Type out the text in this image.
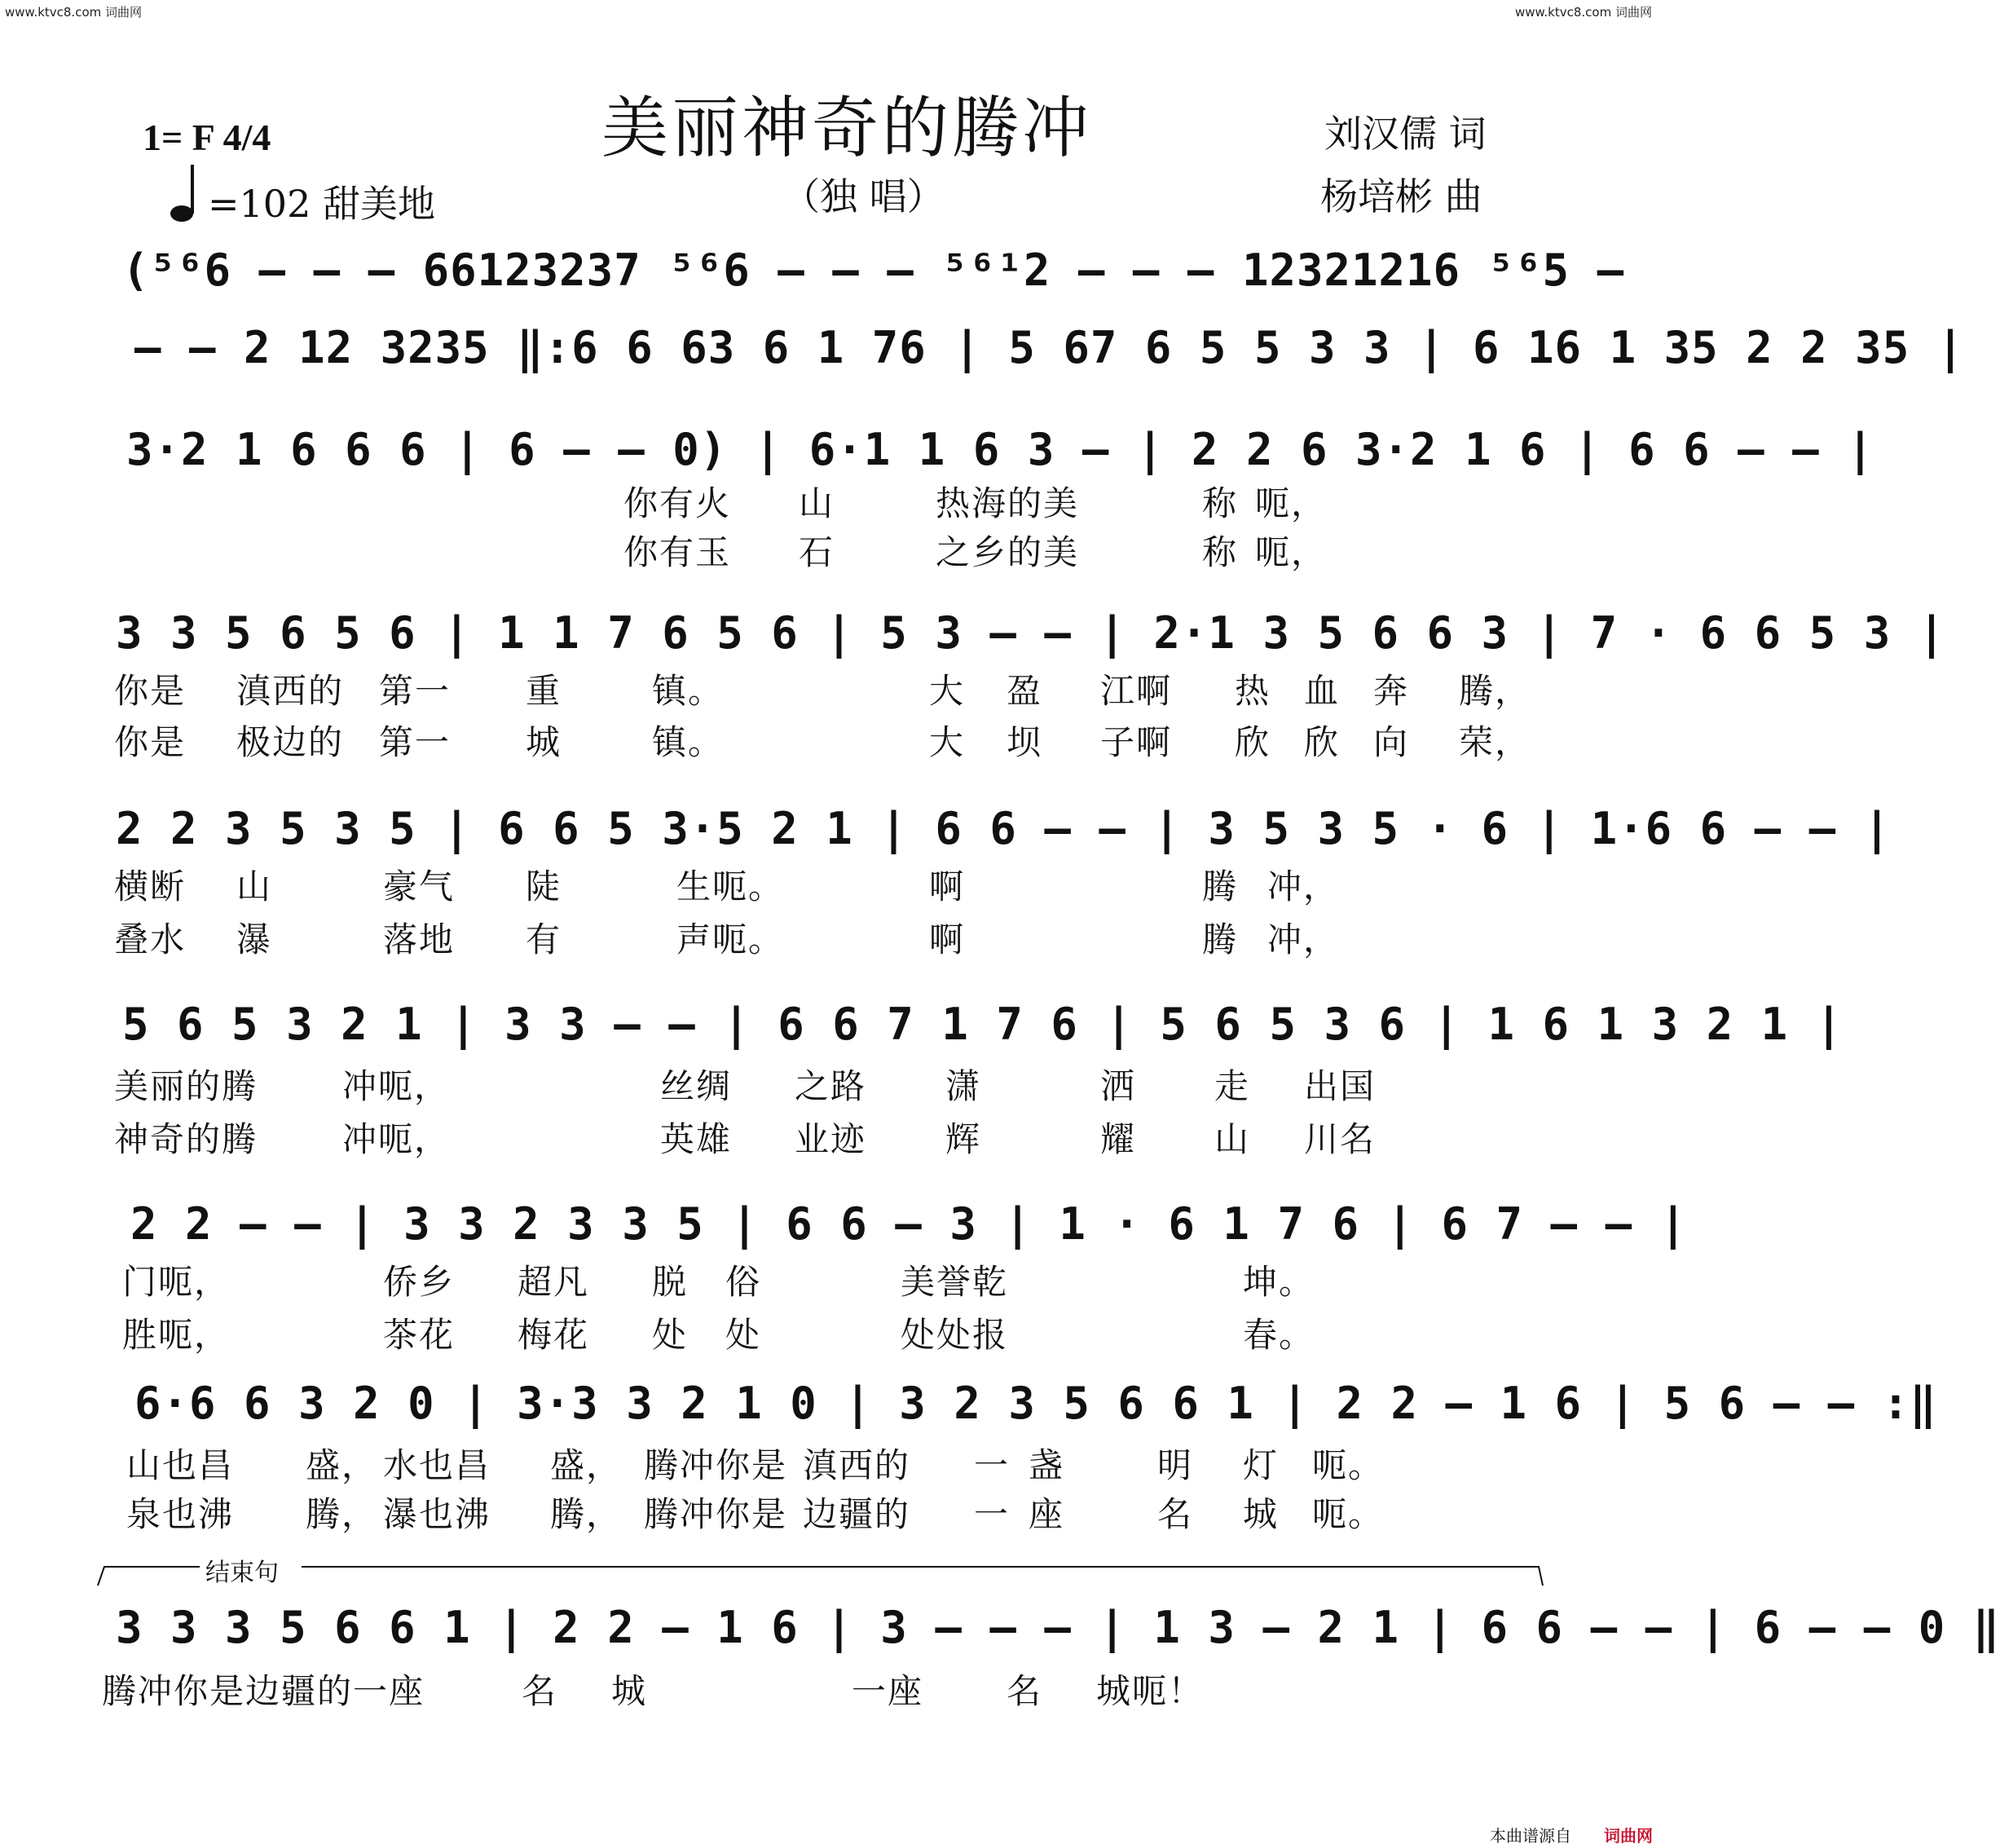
www.ktvc8.com 词曲网	www.ktvc8.com 词曲网
美丽神奇的腾冲
（独 唱）
1= F 4/4
=102 甜美地
刘汉儒 词
杨培彬 曲
(⁵⁶6 — — — 66123237 ⁵⁶6 — — — ⁵⁶¹2 — — — 12321216 ⁵⁶5 —
— — 2 12 3235 ‖:6 6 63 6 1 76 | 5 67 6 5 5 3 3 | 6 16 1 35 2 2 35 |
3·2 1 6 6 6 | 6 — — 0) | 6·1 1 6 3 — | 2 2 6 3·2 1 6 | 6 6 — — |
你有火 山	热海的美	称 呃，
你有玉 石	之乡的美	称 呃，
3 3 5 6 5 6 | 1 1 7 6 5 6 | 5 3 — — | 2·1 3 5 6 6 3 | 7 · 6 6 5 3 |
你是 滇西的 第一 重	镇。	大 盈 江啊 热 血 奔 腾，
你是 极边的 第一 城	镇。	大 坝 子啊 欣 欣 向 荣，
2 2 3 5 3 5 | 6 6 5 3·5 2 1 | 6 6 — — | 3 5 3 5 · 6 | 1·6 6 — — |
横断 山	豪气 陡	生呃。	啊	腾 冲，
叠水 瀑	落地 有	声呃。	啊	腾 冲，
5 6 5 3 2 1 | 3 3 — — | 6 6 7 1 7 6 | 5 6 5 3 6 | 1 6 1 3 2 1 |
美丽的腾 冲呃，	丝绸 之路 潇	洒 走 出国
神奇的腾 冲呃，	英雄 业迹 辉	耀 山 川名
2 2 — — | 3 3 2 3 3 5 | 6 6 — 3 | 1 · 6 1 7 6 | 6 7 — — |
门呃，	侨乡 超凡 脱 俗	美誉乾	坤。
胜呃，	茶花 梅花 处 处	处处报	春。
6·6 6 3 2 0 | 3·3 3 2 1 0 | 3 2 3 5 6 6 1 | 2 2 — 1 6 | 5 6 — — :‖
山也昌 盛， 水也昌 盛， 腾冲你是 滇西的 一 盏	明 灯 呃。
泉也沸 腾， 瀑也沸 腾， 腾冲你是 边疆的 一 座	名 城 呃。
结束句
3 3 3 5 6 6 1 | 2 2 — 1 6 | 3 — — — | 1 3 — 2 1 | 6 6 — — | 6 — — 0 ‖
腾冲你是边疆的一座	名 城	一座 名 城呃！
本曲谱源自 词曲网
